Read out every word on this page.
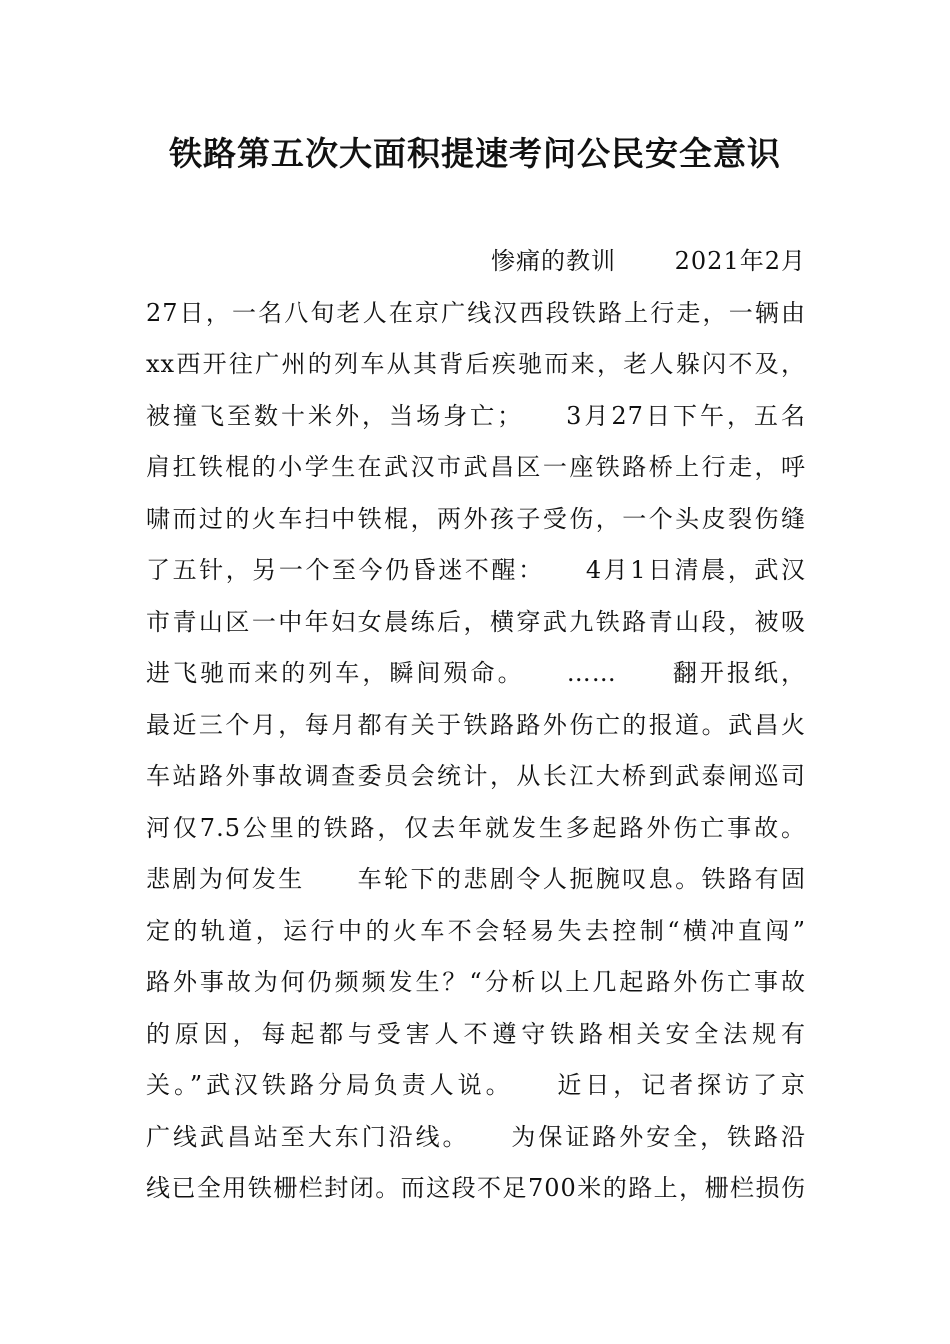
铁路第五次大面积提速考问公民安全意识
惨痛的教训　　 2021年2月
27日，一名八旬老人在京广线汉西段铁路上行走，一辆由
xx西开往广州的列车从其背后疾驰而来，老人躲闪不及，
被撞飞至数十米外，当场身亡；　　3月27日下午，五名
肩扛铁棍的小学生在武汉市武昌区一座铁路桥上行走，呼
啸而过的火车扫中铁棍，两外孩子受伤，一个头皮裂伤缝
了五针，另一个至今仍昏迷不醒：　　4月1日清晨，武汉
市青山区一中年妇女晨练后，横穿武九铁路青山段，被吸
进飞驰而来的列车，瞬间殒命。　　……　　翻开报纸，
最近三个月，每月都有关于铁路路外伤亡的报道。武昌火
车站路外事故调查委员会统计，从长江大桥到武泰闸巡司
河仅7.5公里的铁路，仅去年就发生多起路外伤亡事故。
悲剧为何发生　　车轮下的悲剧令人扼腕叹息。铁路有固
定的轨道，运行中的火车不会轻易失去控制“横冲直闯”
路外事故为何仍频频发生？“分析以上几起路外伤亡事故
的原因，每起都与受害人不遵守铁路相关安全法规有
关。”武汉铁路分局负责人说。　　近日，记者探访了京
广线武昌站至大东门沿线。　　为保证路外安全，铁路沿
线已全用铁栅栏封闭。而这段不足700米的路上，栅栏损伤
